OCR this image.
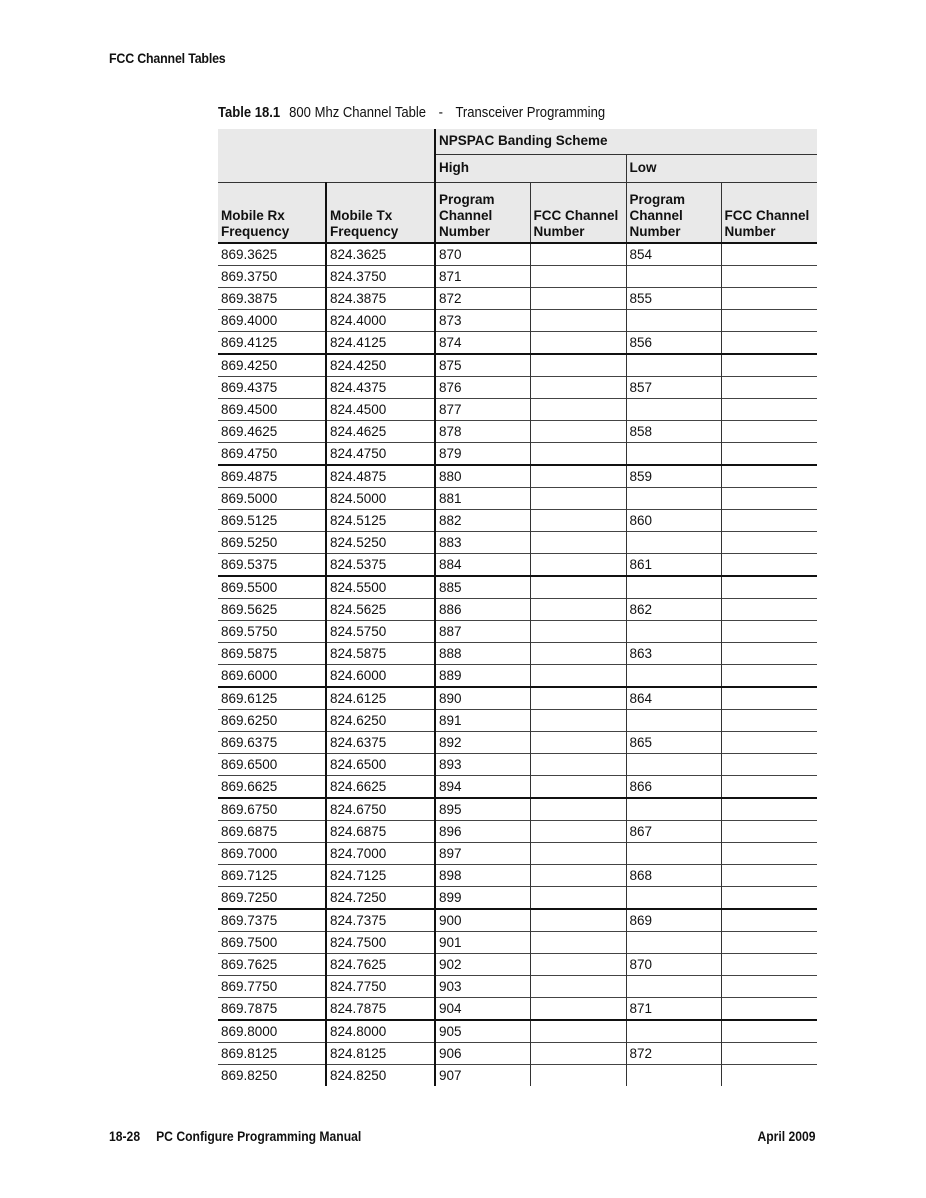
FCC Channel Tables
Table 18.1 800 Mhz Channel Table - Transceiver Programming
		NPSPAC Banding Scheme			
		High		Low	
Mobile Rx Frequency	Mobile Tx Frequency	Program Channel Number	FCC Channel Number	Program Channel Number	FCC Channel Number
869.3625	824.3625	870		854	
869.3750	824.3750	871			
869.3875	824.3875	872		855	
869.4000	824.4000	873			
869.4125	824.4125	874		856	
869.4250	824.4250	875			
869.4375	824.4375	876		857	
869.4500	824.4500	877			
869.4625	824.4625	878		858	
869.4750	824.4750	879			
869.4875	824.4875	880		859	
869.5000	824.5000	881			
869.5125	824.5125	882		860	
869.5250	824.5250	883			
869.5375	824.5375	884		861	
869.5500	824.5500	885			
869.5625	824.5625	886		862	
869.5750	824.5750	887			
869.5875	824.5875	888		863	
869.6000	824.6000	889			
869.6125	824.6125	890		864	
869.6250	824.6250	891			
869.6375	824.6375	892		865	
869.6500	824.6500	893			
869.6625	824.6625	894		866	
869.6750	824.6750	895			
869.6875	824.6875	896		867	
869.7000	824.7000	897			
869.7125	824.7125	898		868	
869.7250	824.7250	899			
869.7375	824.7375	900		869	
869.7500	824.7500	901			
869.7625	824.7625	902		870	
869.7750	824.7750	903			
869.7875	824.7875	904		871	
869.8000	824.8000	905			
869.8125	824.8125	906		872	
869.8250	824.8250	907			
18-28 PC Configure Programming Manual	April 2009
